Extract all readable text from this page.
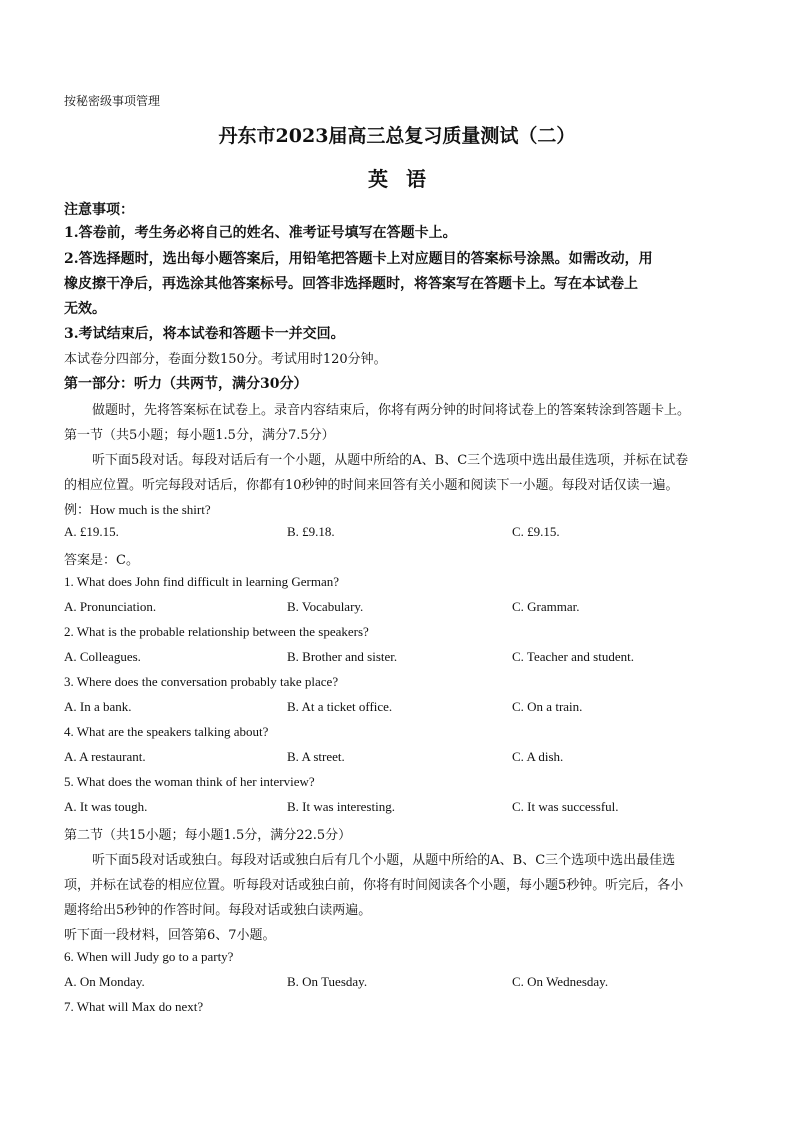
按秘密级事项管理
丹东市2023届高三总复习质量测试（二）
英语
注意事项：
1.答卷前，考生务必将自己的姓名、准考证号填写在答题卡上。
2.答选择题时，选出每小题答案后，用铅笔把答题卡上对应题目的答案标号涂黑。如需改动，用
橡皮擦干净后，再选涂其他答案标号。回答非选择题时，将答案写在答题卡上。写在本试卷上
无效。
3.考试结束后，将本试卷和答题卡一并交回。
本试卷分四部分，卷面分数150分。考试用时120分钟。
第一部分：听力（共两节，满分30分）
做题时，先将答案标在试卷上。录音内容结束后，你将有两分钟的时间将试卷上的答案转涂到答题卡上。
第一节（共5小题；每小题1.5分，满分7.5分）
听下面5段对话。每段对话后有一个小题，从题中所给的A、B、C三个选项中选出最佳选项，并标在试卷
的相应位置。听完每段对话后，你都有10秒钟的时间来回答有关小题和阅读下一小题。每段对话仅读一遍。
例：How much is the shirt?
A. £19.15.	B. £9.18.	C. £9.15.
答案是：C。
1. What does John find difficult in learning German?
A. Pronunciation.	B. Vocabulary.	C. Grammar.
2. What is the probable relationship between the speakers?
A. Colleagues.	B. Brother and sister.	C. Teacher and student.
3. Where does the conversation probably take place?
A. In a bank.	B. At a ticket office.	C. On a train.
4. What are the speakers talking about?
A. A restaurant.	B. A street.	C. A dish.
5. What does the woman think of her interview?
A. It was tough.	B. It was interesting.	C. It was successful.
第二节（共15小题；每小题1.5分，满分22.5分）
听下面5段对话或独白。每段对话或独白后有几个小题，从题中所给的A、B、C三个选项中选出最佳选
项，并标在试卷的相应位置。听每段对话或独白前，你将有时间阅读各个小题，每小题5秒钟。听完后，各小
题将给出5秒钟的作答时间。每段对话或独白读两遍。
听下面一段材料，回答第6、7小题。
6. When will Judy go to a party?
A. On Monday.	B. On Tuesday.	C. On Wednesday.
7. What will Max do next?
